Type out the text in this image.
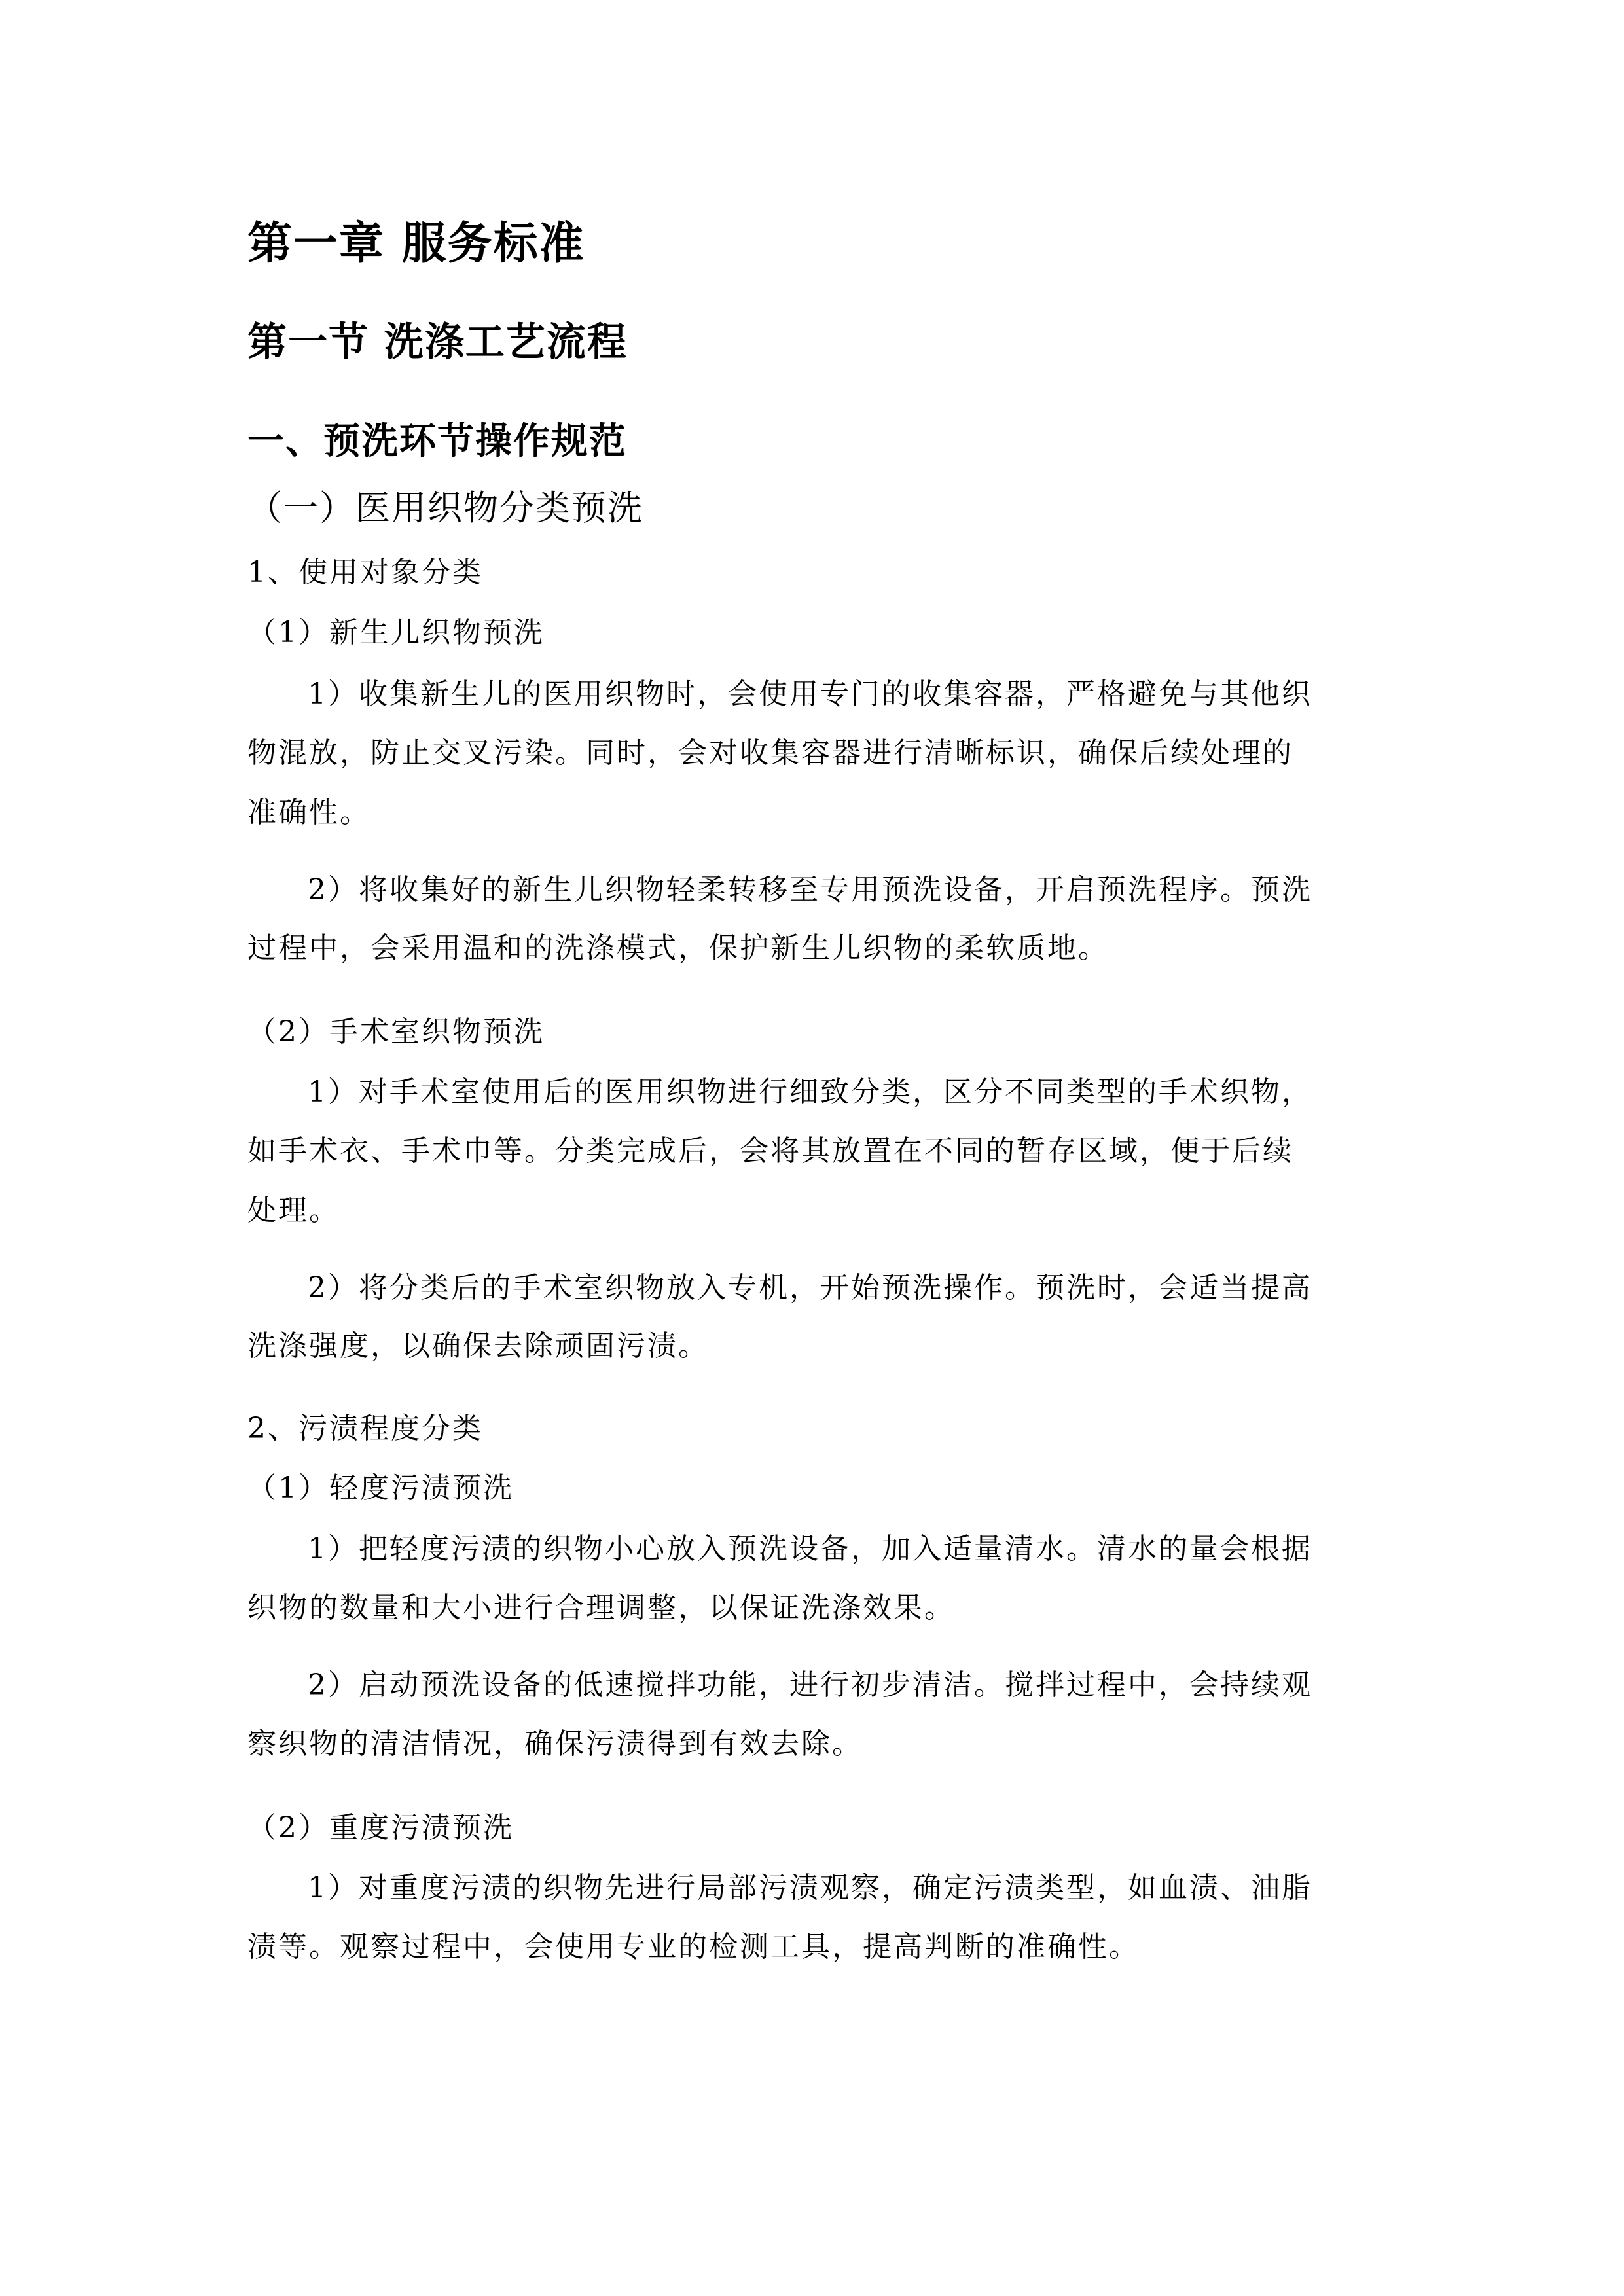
第一章 服务标准
第一节 洗涤工艺流程
一、预洗环节操作规范
（一）医用织物分类预洗
1、使用对象分类
（1）新生儿织物预洗
1）收集新生儿的医用织物时，会使用专门的收集容器，严格避免与其他织
物混放，防止交叉污染。同时，会对收集容器进行清晰标识，确保后续处理的
准确性。
2）将收集好的新生儿织物轻柔转移至专用预洗设备，开启预洗程序。预洗
过程中，会采用温和的洗涤模式，保护新生儿织物的柔软质地。
（2）手术室织物预洗
1）对手术室使用后的医用织物进行细致分类，区分不同类型的手术织物，
如手术衣、手术巾等。分类完成后，会将其放置在不同的暂存区域，便于后续
处理。
2）将分类后的手术室织物放入专机，开始预洗操作。预洗时，会适当提高
洗涤强度，以确保去除顽固污渍。
2、污渍程度分类
（1）轻度污渍预洗
1）把轻度污渍的织物小心放入预洗设备，加入适量清水。清水的量会根据
织物的数量和大小进行合理调整，以保证洗涤效果。
2）启动预洗设备的低速搅拌功能，进行初步清洁。搅拌过程中，会持续观
察织物的清洁情况，确保污渍得到有效去除。
（2）重度污渍预洗
1）对重度污渍的织物先进行局部污渍观察，确定污渍类型，如血渍、油脂
渍等。观察过程中，会使用专业的检测工具，提高判断的准确性。
